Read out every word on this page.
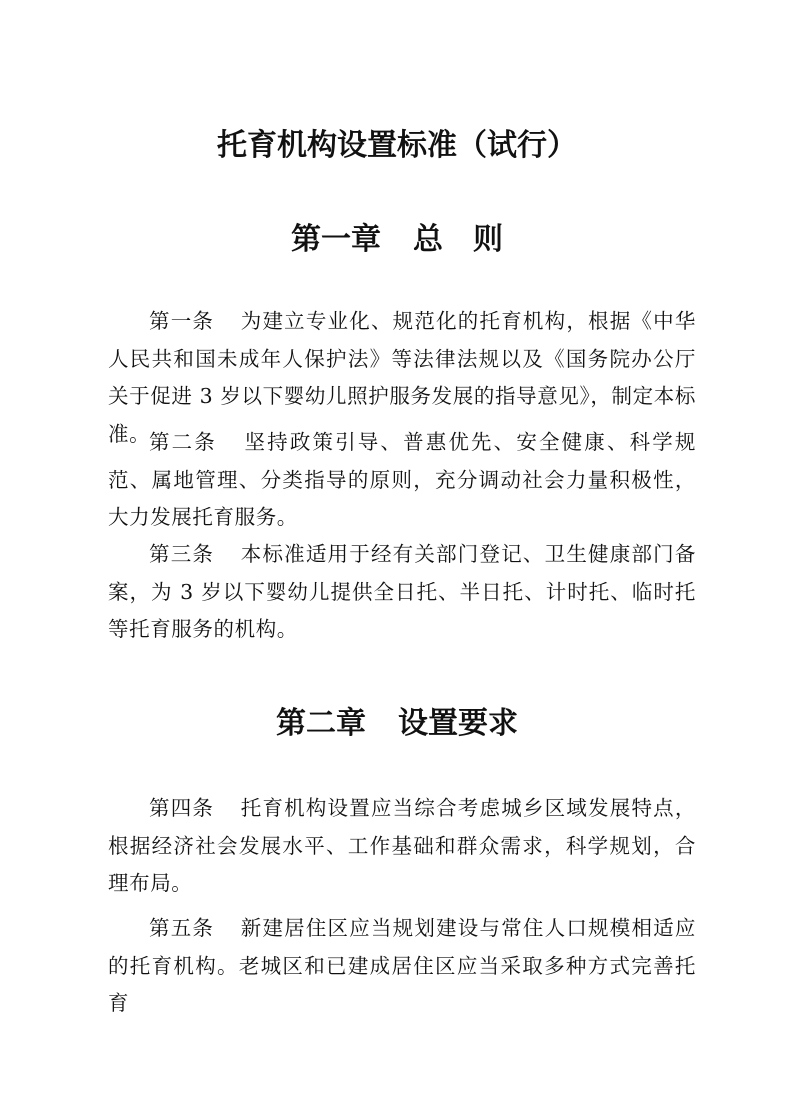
托育机构设置标准（试行）
第一章 总　则

第一条 为建立专业化、规范化的托育机构，根据《中华人民共和国未成年人保护法》等法律法规以及《国务院办公厅关于促进 3 岁以下婴幼儿照护服务发展的指导意见》，制定本标准。

第二条 坚持政策引导、普惠优先、安全健康、科学规范、属地管理、分类指导的原则，充分调动社会力量积极性，大力发展托育服务。

第三条 本标准适用于经有关部门登记、卫生健康部门备案，为 3 岁以下婴幼儿提供全日托、半日托、计时托、临时托等托育服务的机构。

第二章 设置要求

第四条 托育机构设置应当综合考虑城乡区域发展特点，根据经济社会发展水平、工作基础和群众需求，科学规划，合理布局。

第五条 新建居住区应当规划建设与常住人口规模相适应的托育机构。老城区和已建成居住区应当采取多种方式完善托育
